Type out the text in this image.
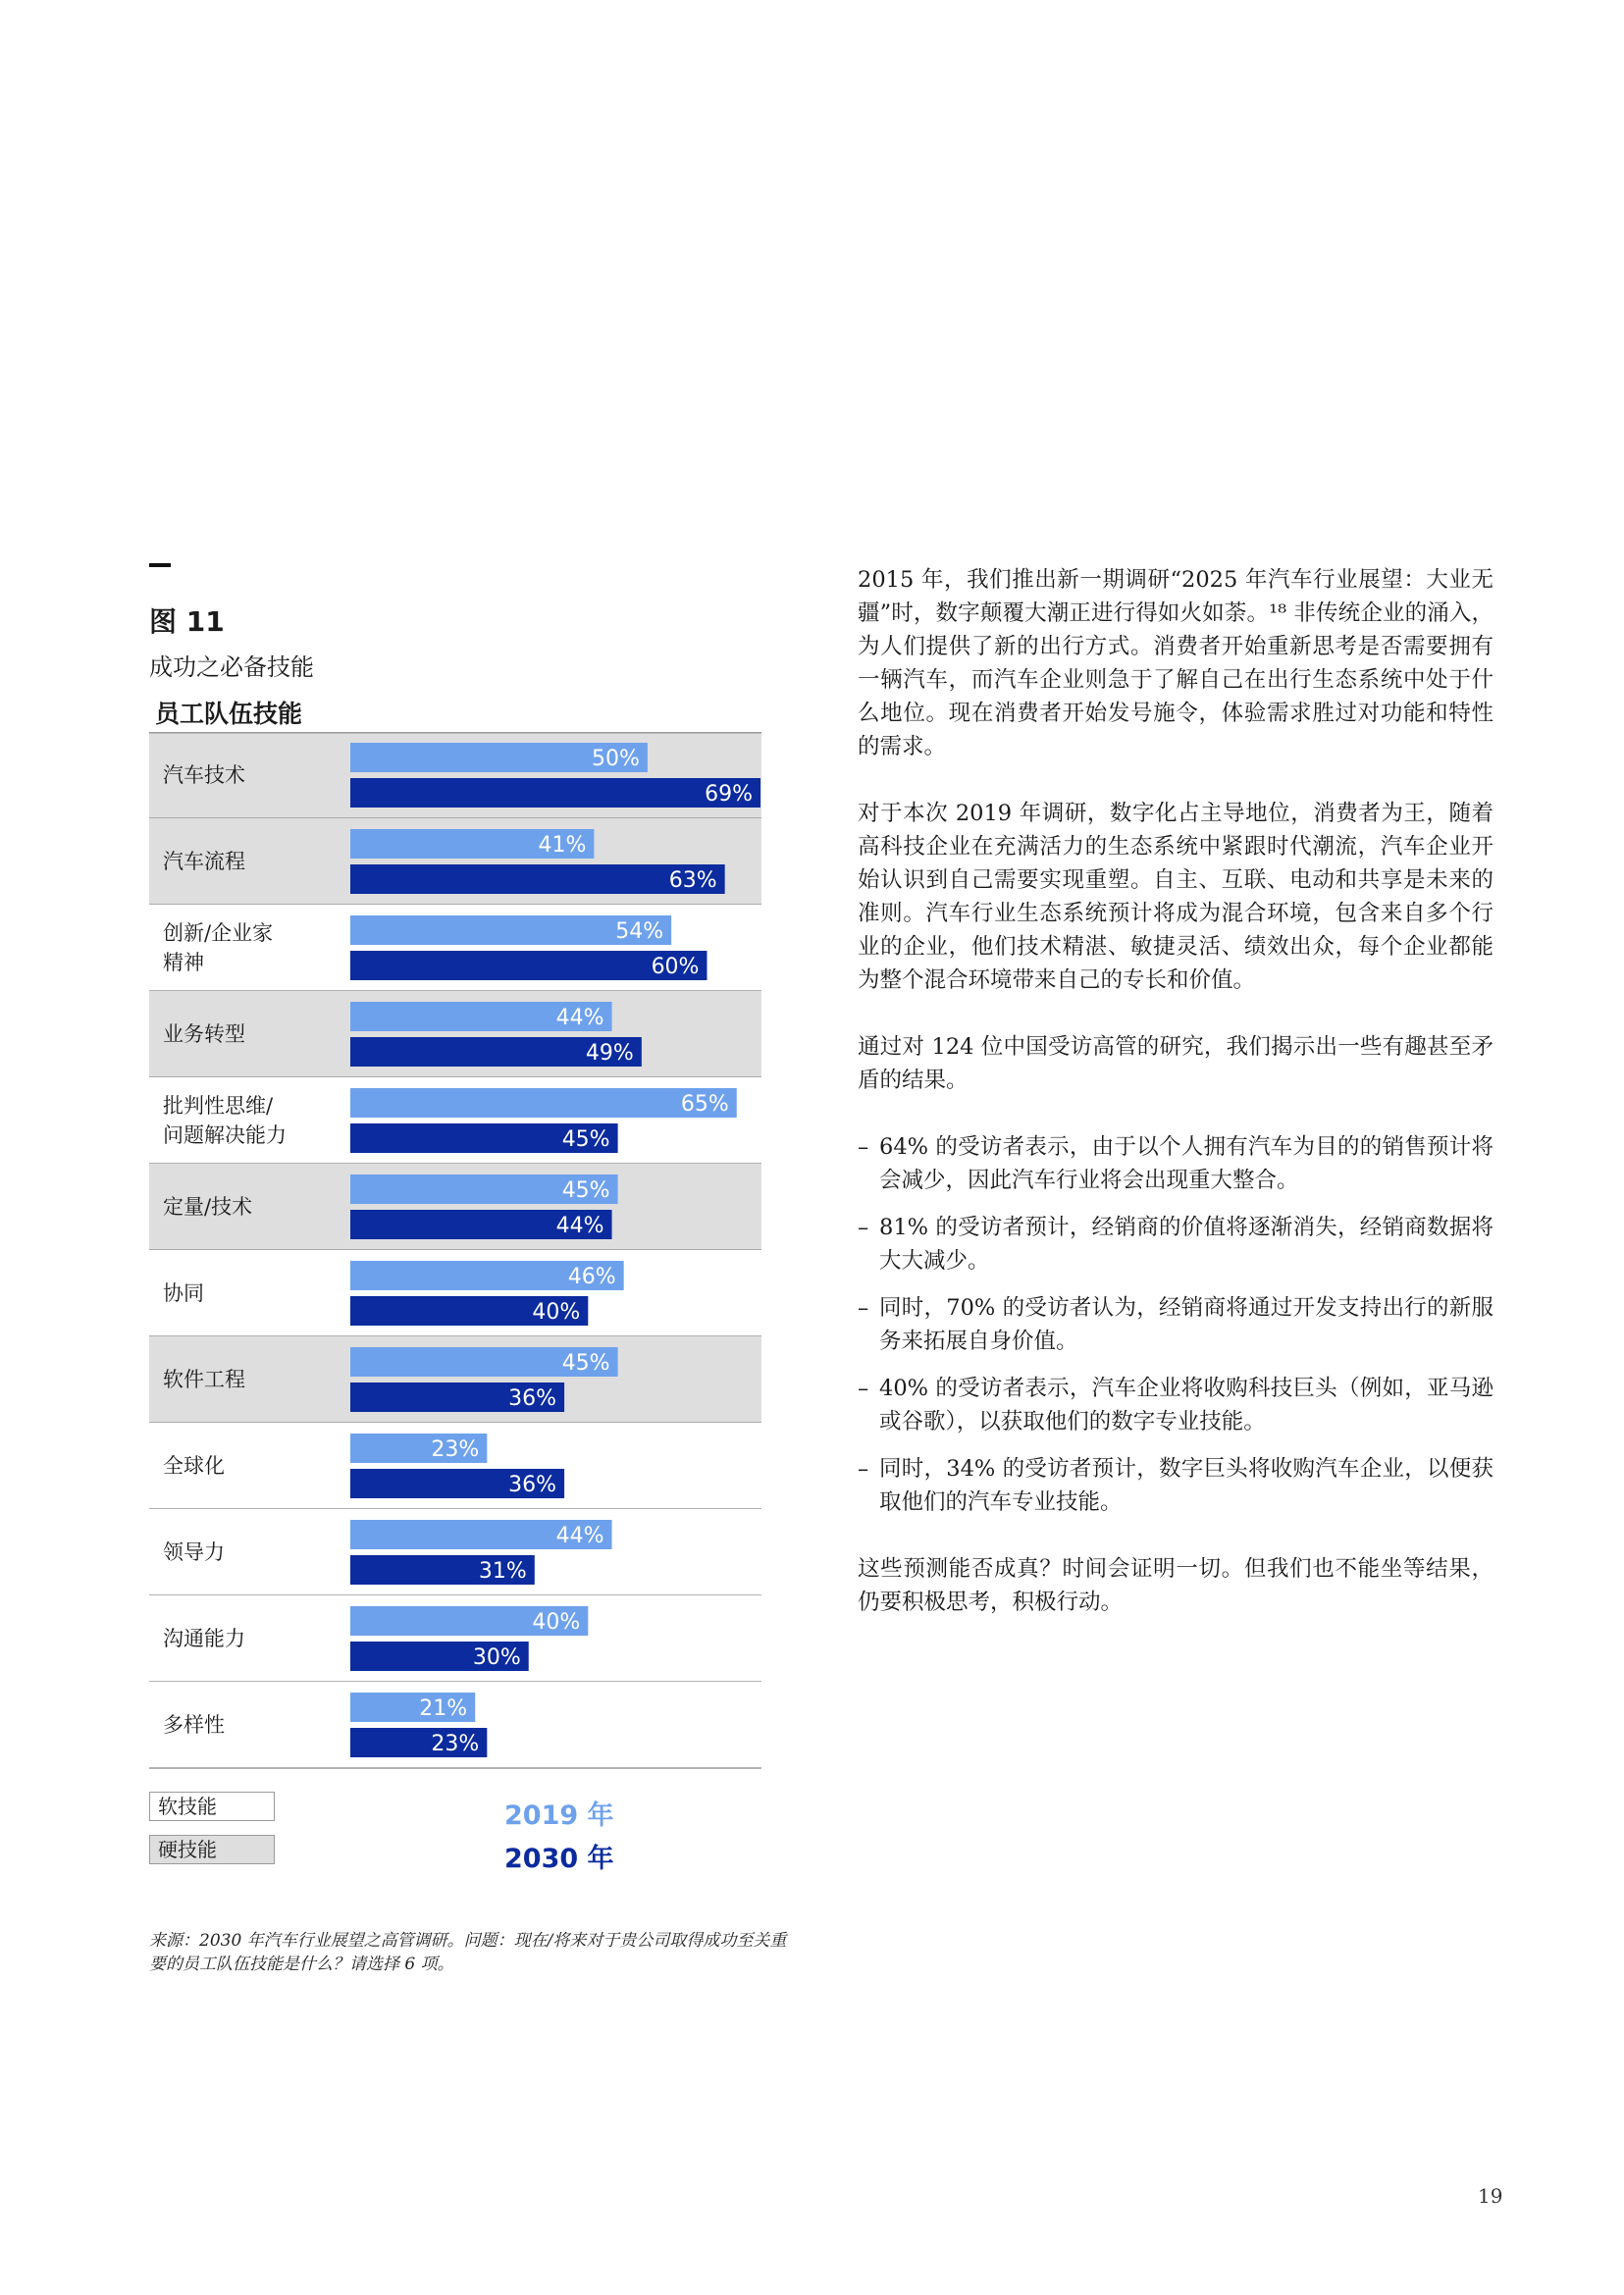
图 11
成功之必备技能
员工队伍技能
汽车技术
50%
69%
汽车流程
41%
63%
创新/企业家精神
54%
60%
业务转型
44%
49%
批判性思维/问题解决能力
65%
45%
定量/技术
45%
44%
协同
46%
40%
软件工程
45%
36%
全球化
23%
36%
领导力
44%
31%
沟通能力
40%
30%
多样性
21%
23%
软技能
硬技能
2019 年
2030 年
来源：2030 年汽车行业展望之高管调研。问题：现在/将来对于贵公司取得成功至关重要的员工队伍技能是什么？请选择 6 项。

2015 年，我们推出新一期调研“2025 年汽车行业展望：大业无疆”时，数字颠覆大潮正进行得如火如荼。¹⁸ 非传统企业的涌入，为人们提供了新的出行方式。消费者开始重新思考是否需要拥有一辆汽车，而汽车企业则急于了解自己在出行生态系统中处于什么地位。现在消费者开始发号施令，体验需求胜过对功能和特性的需求。

对于本次 2019 年调研，数字化占主导地位，消费者为王，随着高科技企业在充满活力的生态系统中紧跟时代潮流，汽车企业开始认识到自己需要实现重塑。自主、互联、电动和共享是未来的准则。汽车行业生态系统预计将成为混合环境，包含来自多个行业的企业，他们技术精湛、敏捷灵活、绩效出众，每个企业都能为整个混合环境带来自己的专长和价值。

通过对 124 位中国受访高管的研究，我们揭示出一些有趣甚至矛盾的结果。

– 64% 的受访者表示，由于以个人拥有汽车为目的的销售预计将会减少，因此汽车行业将会出现重大整合。
– 81% 的受访者预计，经销商的价值将逐渐消失，经销商数据将大大减少。
– 同时，70% 的受访者认为，经销商将通过开发支持出行的新服务来拓展自身价值。
– 40% 的受访者表示，汽车企业将收购科技巨头（例如，亚马逊或谷歌），以获取他们的数字专业技能。
– 同时，34% 的受访者预计，数字巨头将收购汽车企业，以便获取他们的汽车专业技能。

这些预测能否成真？时间会证明一切。但我们也不能坐等结果，仍要积极思考，积极行动。

19
